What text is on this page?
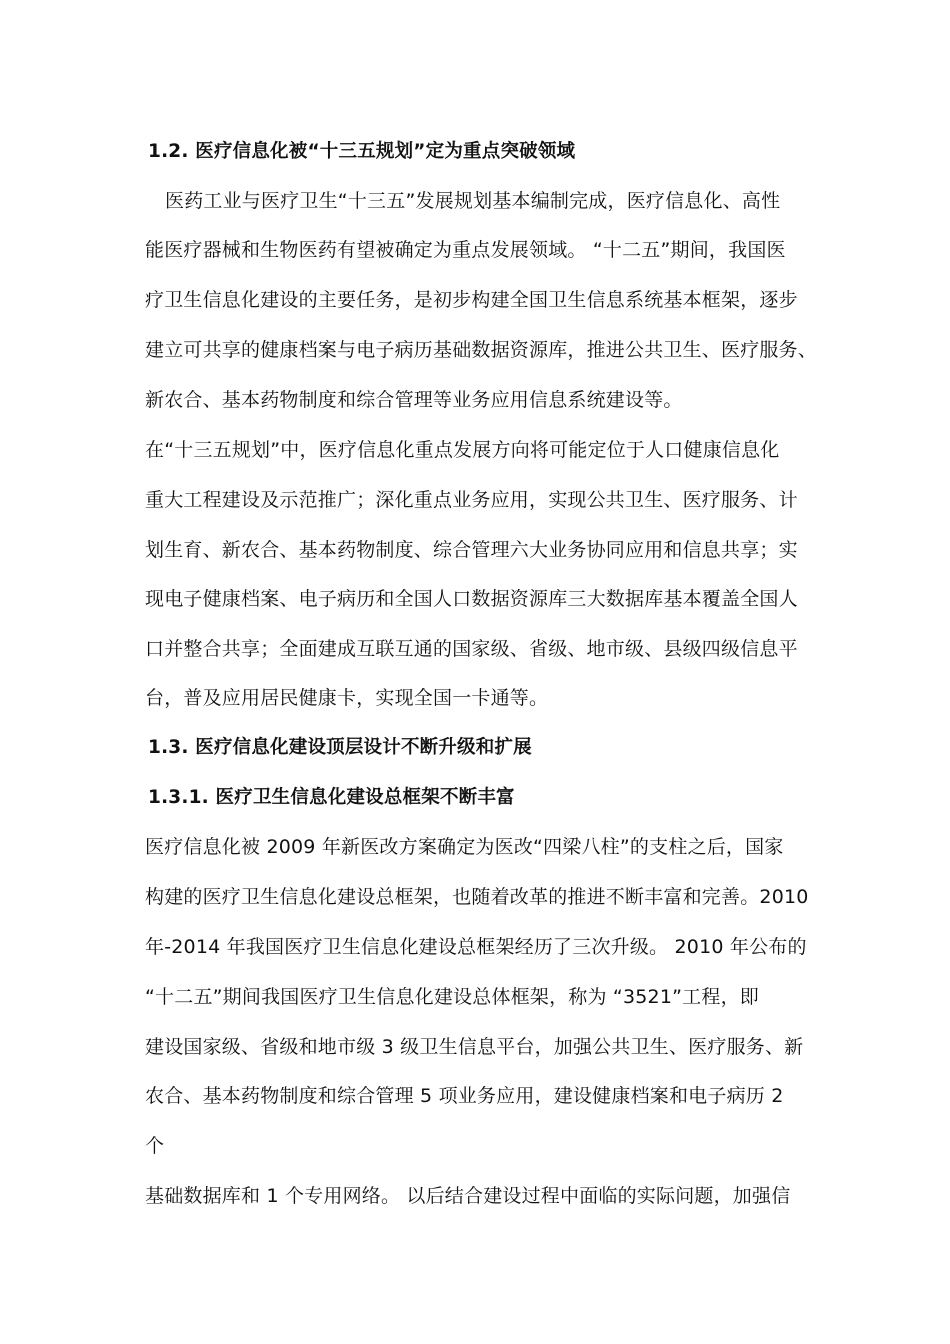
1.2. 医疗信息化被“十三五规划”定为重点突破领域
医药工业与医疗卫生“十三五”发展规划基本编制完成，医疗信息化、高性
能医疗器械和生物医药有望被确定为重点发展领域。 “十二五”期间，我国医
疗卫生信息化建设的主要任务，是初步构建全国卫生信息系统基本框架，逐步
建立可共享的健康档案与电子病历基础数据资源库，推进公共卫生、医疗服务、
新农合、基本药物制度和综合管理等业务应用信息系统建设等。
在“十三五规划”中，医疗信息化重点发展方向将可能定位于人口健康信息化
重大工程建设及示范推广；深化重点业务应用，实现公共卫生、医疗服务、计
划生育、新农合、基本药物制度、综合管理六大业务协同应用和信息共享；实
现电子健康档案、电子病历和全国人口数据资源库三大数据库基本覆盖全国人
口并整合共享；全面建成互联互通的国家级、省级、地市级、县级四级信息平
台，普及应用居民健康卡，实现全国一卡通等。
1.3. 医疗信息化建设顶层设计不断升级和扩展
1.3.1. 医疗卫生信息化建设总框架不断丰富
医疗信息化被 2009 年新医改方案确定为医改“四梁八柱”的支柱之后，国家
构建的医疗卫生信息化建设总框架，也随着改革的推进不断丰富和完善。2010
年-2014 年我国医疗卫生信息化建设总框架经历了三次升级。 2010 年公布的
“十二五”期间我国医疗卫生信息化建设总体框架，称为 “3521”工程，即
建设国家级、省级和地市级 3 级卫生信息平台，加强公共卫生、医疗服务、新
农合、基本药物制度和综合管理 5 项业务应用，建设健康档案和电子病历 2
个
基础数据库和 1 个专用网络。 以后结合建设过程中面临的实际问题，加强信
